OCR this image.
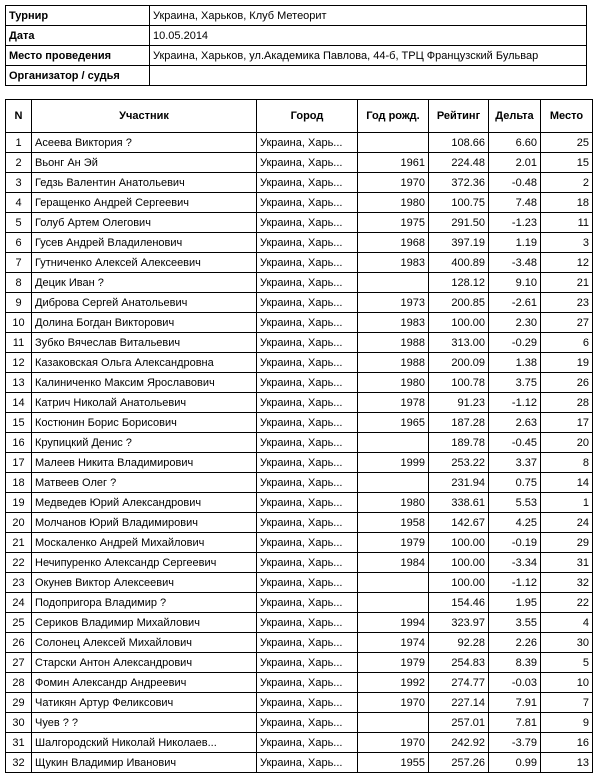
Турнир	Украина, Харьков, Клуб Метеорит
Дата	10.05.2014
Место проведения	Украина, Харьков, ул.Академика Павлова, 44-б, ТРЦ Французский Бульвар
Организатор / судья	
N	Участник	Город	Год рожд.	Рейтинг	Дельта	Место
1	Асеева Виктория ?	Украина, Харь...		108.66	6.60	25
2	Вьонг Ан Эй	Украина, Харь...	1961	224.48	2.01	15
3	Гедзь Валентин Анатольевич	Украина, Харь...	1970	372.36	-0.48	2
4	Геращенко Андрей Сергеевич	Украина, Харь...	1980	100.75	7.48	18
5	Голуб Артем Олегович	Украина, Харь...	1975	291.50	-1.23	11
6	Гусев Андрей Владиленович	Украина, Харь...	1968	397.19	1.19	3
7	Гутниченко Алексей Алексеевич	Украина, Харь...	1983	400.89	-3.48	12
8	Децик Иван ?	Украина, Харь...		128.12	9.10	21
9	Диброва Сергей Анатольевич	Украина, Харь...	1973	200.85	-2.61	23
10	Долина Богдан Викторович	Украина, Харь...	1983	100.00	2.30	27
11	Зубко Вячеслав Витальевич	Украина, Харь...	1988	313.00	-0.29	6
12	Казаковская Ольга Александровна	Украина, Харь...	1988	200.09	1.38	19
13	Калиниченко Максим Ярославович	Украина, Харь...	1980	100.78	3.75	26
14	Катрич Николай Анатольевич	Украина, Харь...	1978	91.23	-1.12	28
15	Костюнин Борис Борисович	Украина, Харь...	1965	187.28	2.63	17
16	Крупицкий Денис ?	Украина, Харь...		189.78	-0.45	20
17	Малеев Никита Владимирович	Украина, Харь...	1999	253.22	3.37	8
18	Матвеев Олег ?	Украина, Харь...		231.94	0.75	14
19	Медведев Юрий Александрович	Украина, Харь...	1980	338.61	5.53	1
20	Молчанов Юрий Владимирович	Украина, Харь...	1958	142.67	4.25	24
21	Москаленко Андрей Михайлович	Украина, Харь...	1979	100.00	-0.19	29
22	Нечипуренко Александр Сергеевич	Украина, Харь...	1984	100.00	-3.34	31
23	Окунев Виктор Алексеевич	Украина, Харь...		100.00	-1.12	32
24	Подопригора Владимир ?	Украина, Харь...		154.46	1.95	22
25	Сериков Владимир Михайлович	Украина, Харь...	1994	323.97	3.55	4
26	Солонец Алексей Михайлович	Украина, Харь...	1974	92.28	2.26	30
27	Старски Антон Александрович	Украина, Харь...	1979	254.83	8.39	5
28	Фомин Александр Андреевич	Украина, Харь...	1992	274.77	-0.03	10
29	Чатикян Артур Феликсович	Украина, Харь...	1970	227.14	7.91	7
30	Чуев ? ?	Украина, Харь...		257.01	7.81	9
31	Шалгородский Николай Николаев...	Украина, Харь...	1970	242.92	-3.79	16
32	Щукин Владимир Иванович	Украина, Харь...	1955	257.26	0.99	13
